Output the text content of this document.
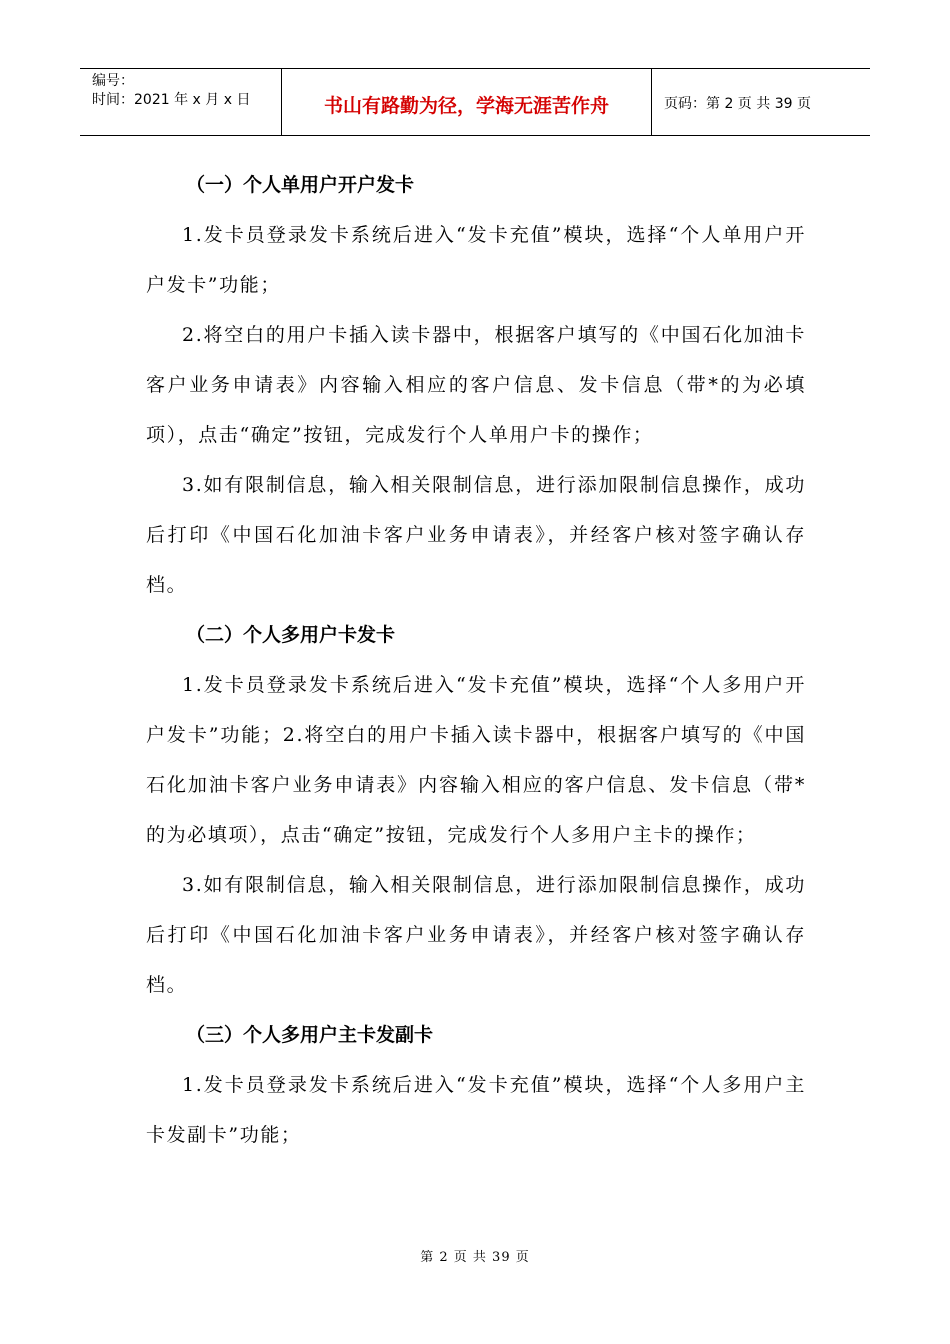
编号：
时间：2021 年 x 月 x 日	书山有路勤为径，学海无涯苦作舟	页码：第 2 页 共 39 页

（一）个人单用户开户发卡

1.发卡员登录发卡系统后进入“发卡充值”模块，选择“个人单用户开户发卡”功能；

2.将空白的用户卡插入读卡器中，根据客户填写的《中国石化加油卡客户业务申请表》内容输入相应的客户信息、发卡信息（带*的为必填项），点击“确定”按钮，完成发行个人单用户卡的操作；

3.如有限制信息，输入相关限制信息，进行添加限制信息操作，成功后打印《中国石化加油卡客户业务申请表》，并经客户核对签字确认存档。

（二）个人多用户卡发卡

1.发卡员登录发卡系统后进入“发卡充值”模块，选择“个人多用户开户发卡”功能；2.将空白的用户卡插入读卡器中，根据客户填写的《中国石化加油卡客户业务申请表》内容输入相应的客户信息、发卡信息（带*的为必填项），点击“确定”按钮，完成发行个人多用户主卡的操作；

3.如有限制信息，输入相关限制信息，进行添加限制信息操作，成功后打印《中国石化加油卡客户业务申请表》，并经客户核对签字确认存档。

（三）个人多用户主卡发副卡

1.发卡员登录发卡系统后进入“发卡充值”模块，选择“个人多用户主卡发副卡”功能；

第 2 页 共 39 页
